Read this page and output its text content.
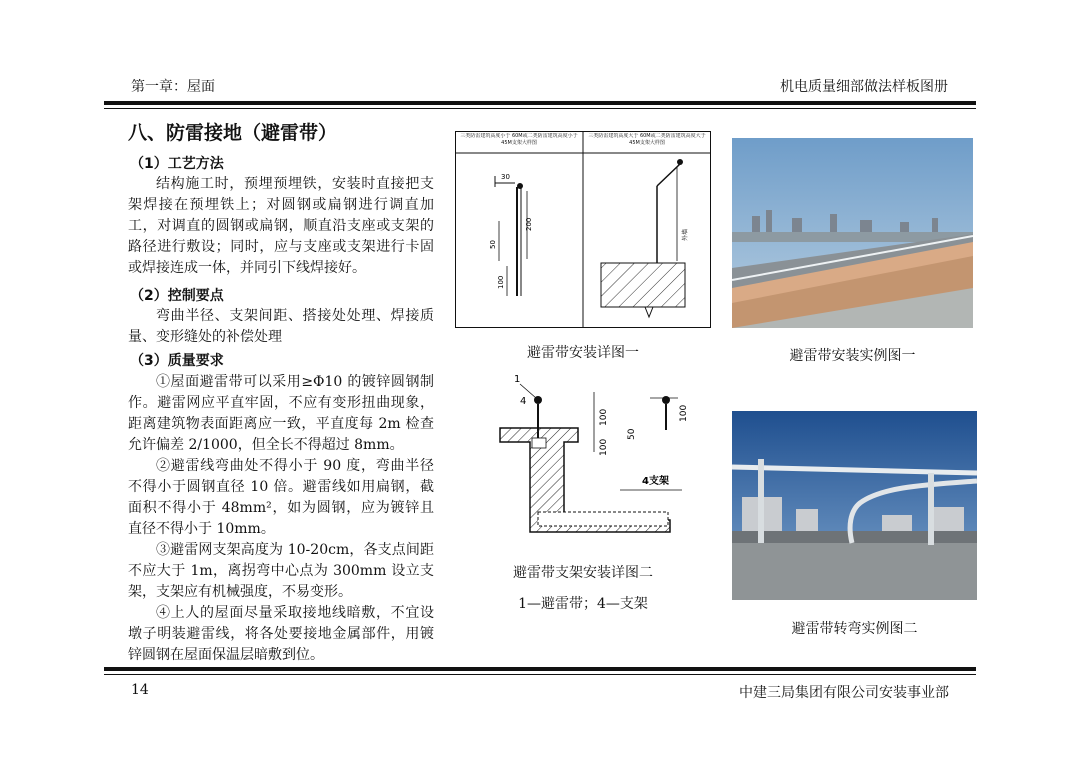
第一章：屋面	机电质量细部做法样板图册
八、防雷接地（避雷带）
（1）工艺方法

结构施工时，预埋预埋铁，安装时直接把支架焊接在预埋铁上；对圆钢或扁钢进行调直加工，对调直的圆钢或扁钢，顺直沿支座或支架的路径进行敷设；同时，应与支座或支架进行卡固或焊接连成一体，并同引下线焊接好。

（2）控制要点

弯曲半径、支架间距、搭接处处理、焊接质量、变形缝处的补偿处理

（3）质量要求

①屋面避雷带可以采用≥Φ10 的镀锌圆钢制作。避雷网应平直牢固，不应有变形扭曲现象，距离建筑物表面距离应一致，平直度每 2m 检查允许偏差 2/1000，但全长不得超过 8mm。

②避雷线弯曲处不得小于 90 度，弯曲半径不得小于圆钢直径 10 倍。避雷线如用扁钢，截面积不得小于 48mm²，如为圆钢，应为镀锌且直径不得小于 10mm。

③避雷网支架高度为 10-20cm，各支点间距不应大于 1m，离拐弯中心点为 300mm 设立支架，支架应有机械强度，不易变形。

④上人的屋面尽量采取接地线暗敷，不宜设墩子明装避雷线，将各处要接地金属部件，用镀锌圆钢在屋面保温层暗敷到位。

三类防雷建筑高度小于 60M或二类防雷建筑高度小于 45M支架大样图
三类防雷建筑高度大于 60M或二类防雷建筑高度大于 45M支架大样图
30
200
50
100
外墙
避雷带安装详图一	避雷带安装实例图一
1
4
100
100
50
100
4支架
避雷带支架安装详图二
1—避雷带；4—支架
避雷带转弯实例图二
14	中建三局集团有限公司安装事业部
